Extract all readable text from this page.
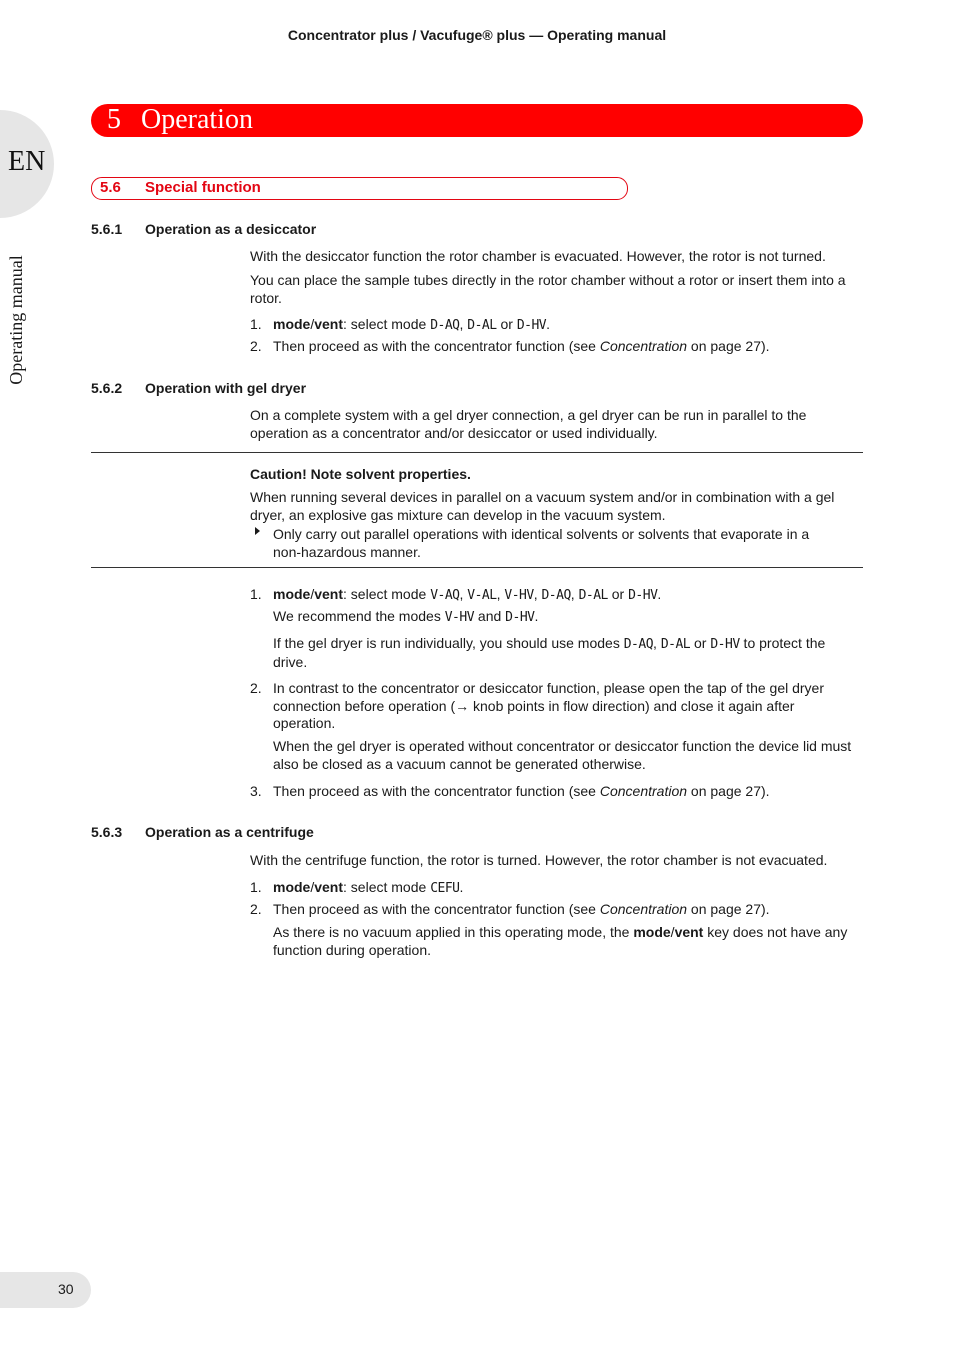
Concentrator plus / Vacufuge® plus — Operating manual
EN
Operating manual
5 Operation
5.6 Special function
5.6.1 Operation as a desiccator
With the desiccator function the rotor chamber is evacuated. However, the rotor is not turned.
You can place the sample tubes directly in the rotor chamber without a rotor or insert them into a
rotor.
1. mode/vent: select mode D-AQ, D-AL or D-HV.
2. Then proceed as with the concentrator function (see Concentration on page 27).
5.6.2 Operation with gel dryer
On a complete system with a gel dryer connection, a gel dryer can be run in parallel to the
operation as a concentrator and/or desiccator or used individually.
Caution! Note solvent properties.
When running several devices in parallel on a vacuum system and/or in combination with a gel
dryer, an explosive gas mixture can develop in the vacuum system.
Only carry out parallel operations with identical solvents or solvents that evaporate in a
non-hazardous manner.
1. mode/vent: select mode V-AQ, V-AL, V-HV, D-AQ, D-AL or D-HV.
We recommend the modes V-HV and D-HV.
If the gel dryer is run individually, you should use modes D-AQ, D-AL or D-HV to protect the
drive.
2. In contrast to the concentrator or desiccator function, please open the tap of the gel dryer
connection before operation (→ knob points in flow direction) and close it again after
operation.
When the gel dryer is operated without concentrator or desiccator function the device lid must
also be closed as a vacuum cannot be generated otherwise.
3. Then proceed as with the concentrator function (see Concentration on page 27).
5.6.3 Operation as a centrifuge
With the centrifuge function, the rotor is turned. However, the rotor chamber is not evacuated.
1. mode/vent: select mode CEFU.
2. Then proceed as with the concentrator function (see Concentration on page 27).
As there is no vacuum applied in this operating mode, the mode/vent key does not have any
function during operation.
30
